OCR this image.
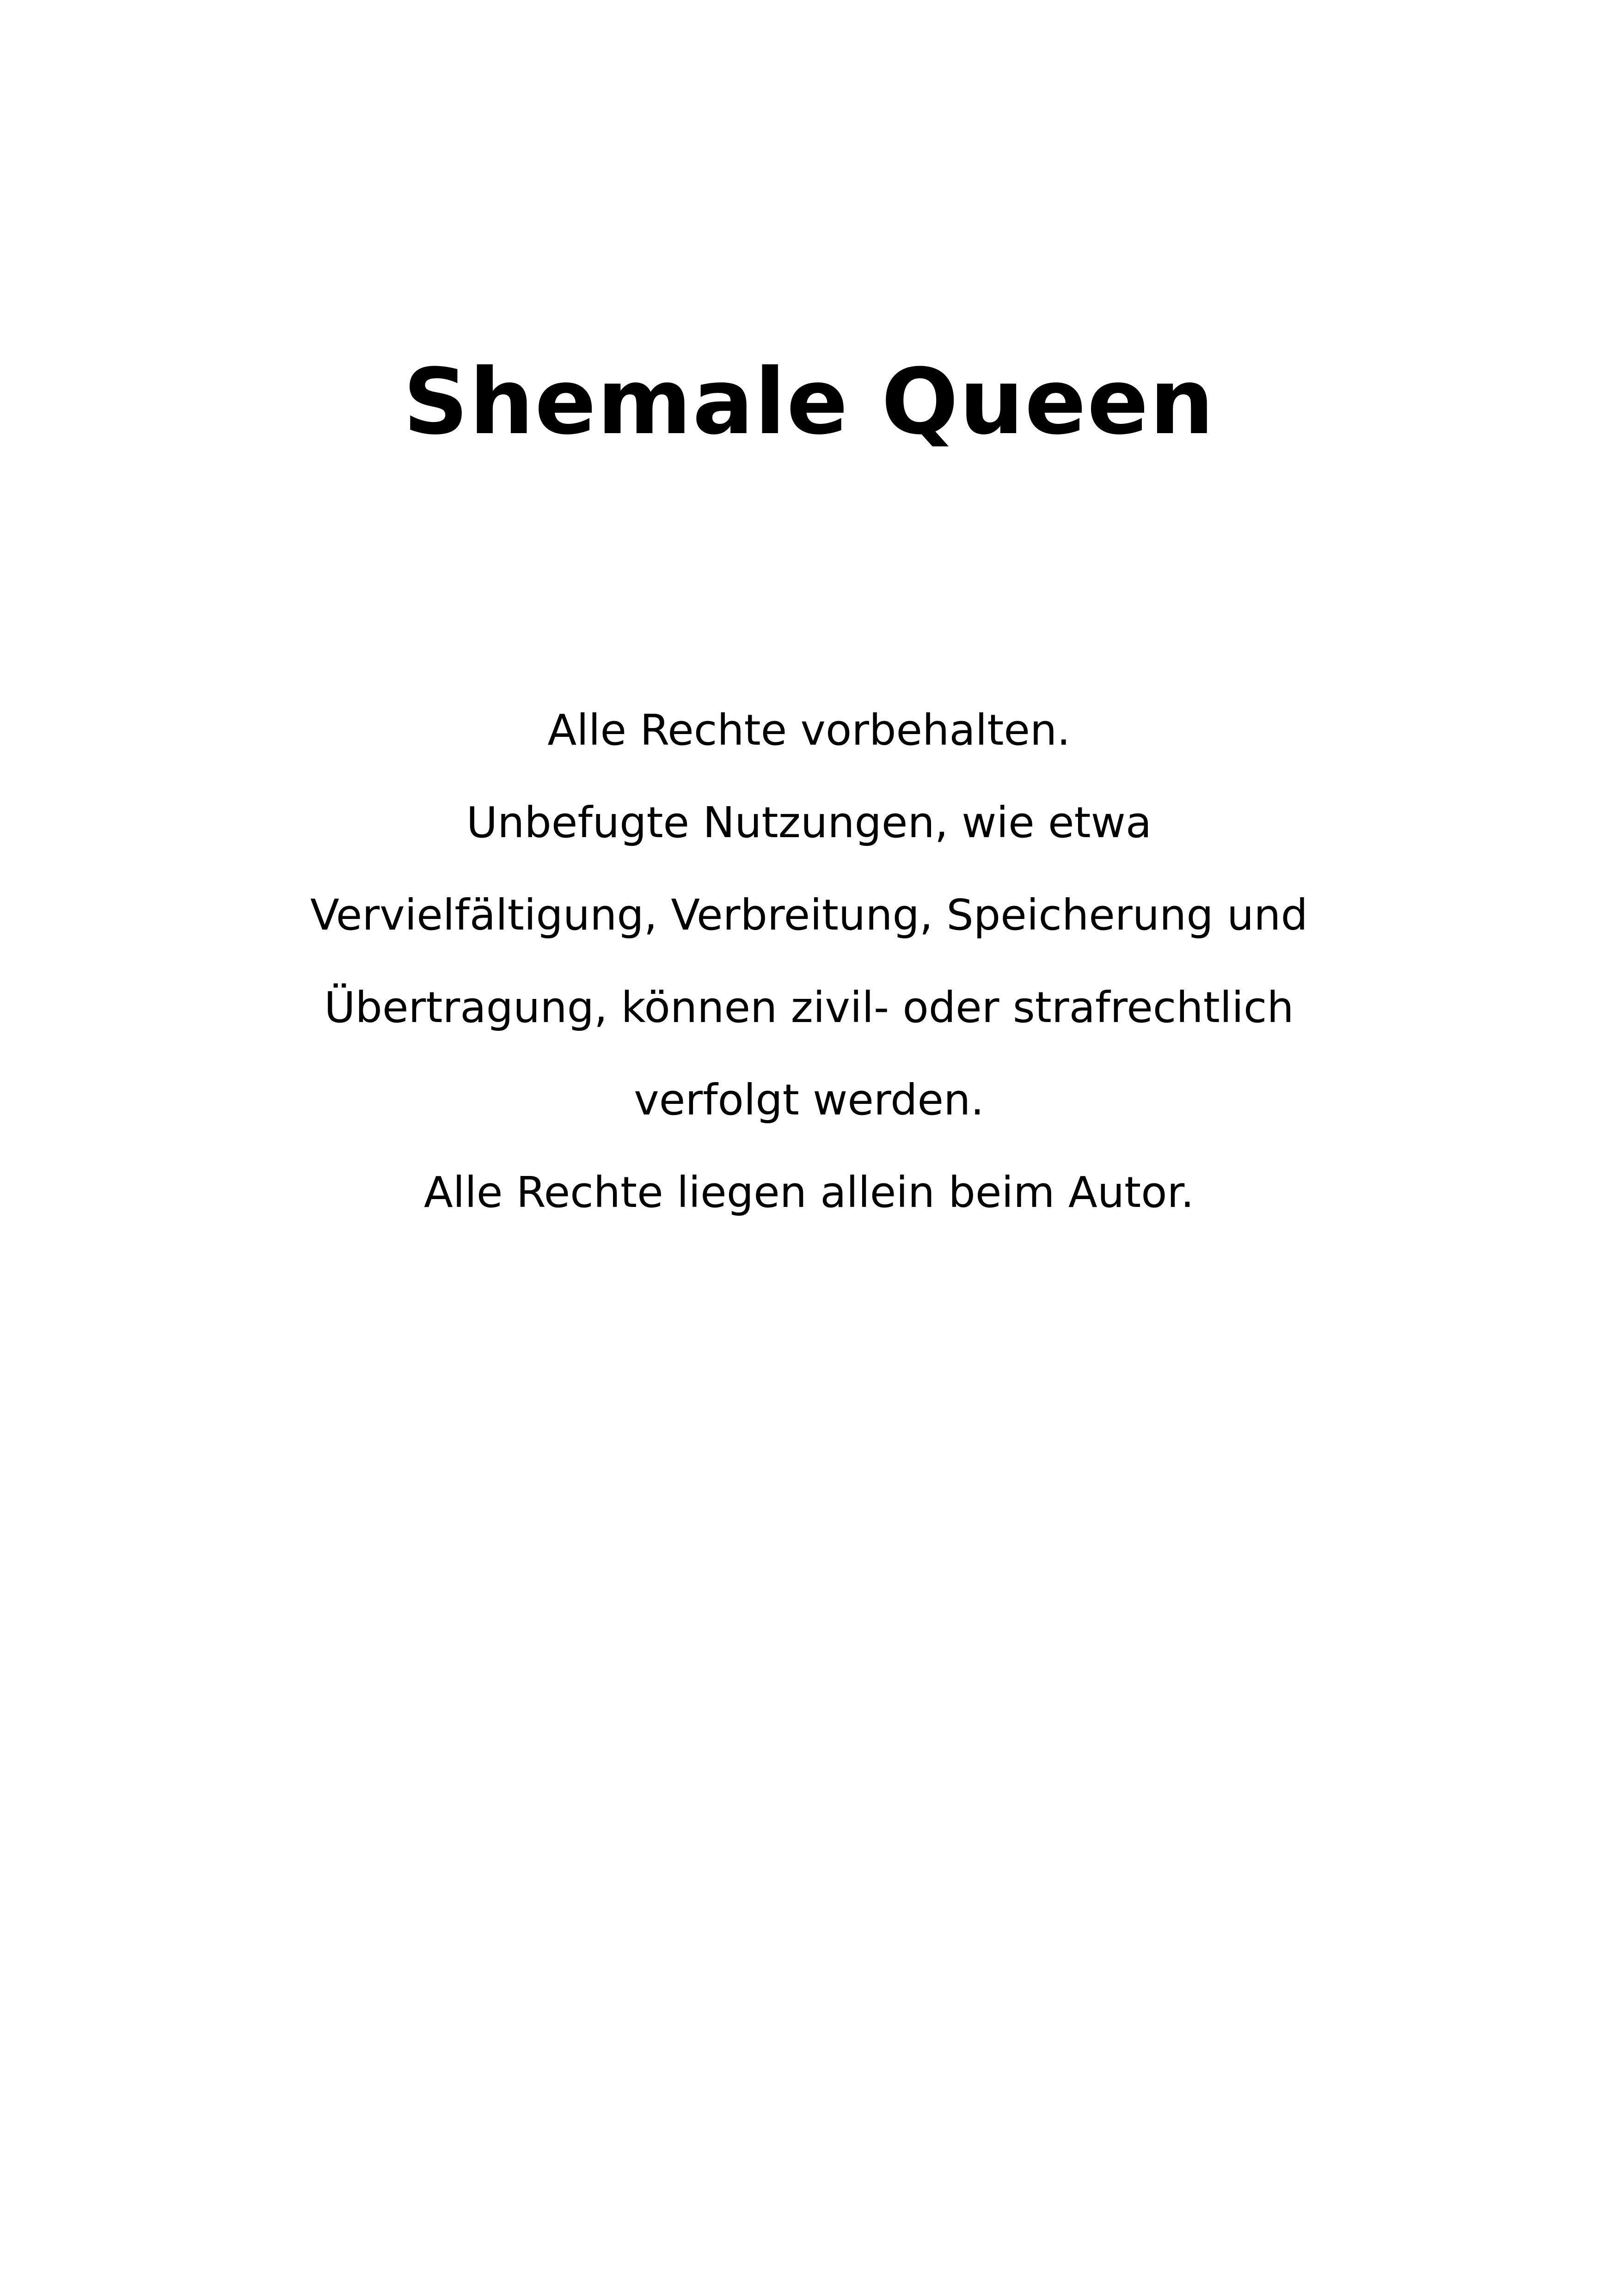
Shemale Queen
Alle Rechte vorbehalten.
Unbefugte Nutzungen, wie etwa
Vervielfältigung, Verbreitung, Speicherung und
Übertragung, können zivil- oder strafrechtlich
verfolgt werden.
Alle Rechte liegen allein beim Autor.
